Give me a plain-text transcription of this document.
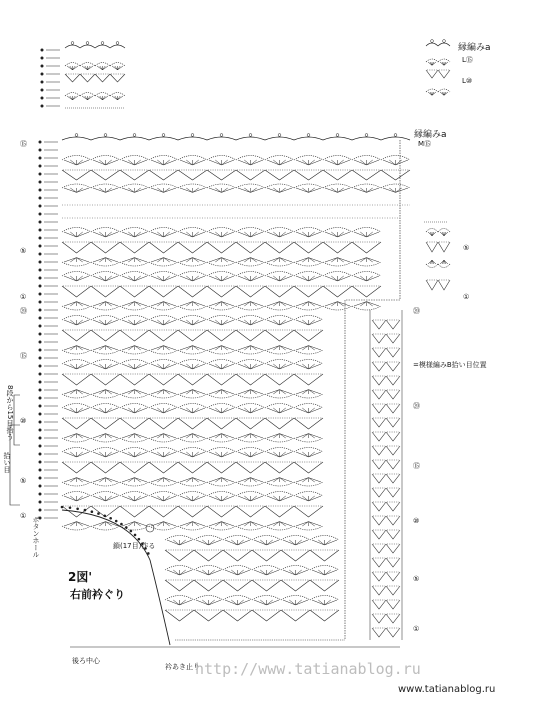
⑮
⑤
①
⑳
⑮
⑩
⑤
①
⑤
①
⑳
⑳
⑮
⑩
⑤
①
縁編みa
L⑮
L⑩
縁編みa
M⑮
=模様編みB拾い目位置
2図'
右前衿ぐり
鎖(17目)作る
後ろ中心
衿あき止り
拾い目
8段から15目拾う
ボタンホール
http://www.tatianablog.ru
www.tatianablog.ru
